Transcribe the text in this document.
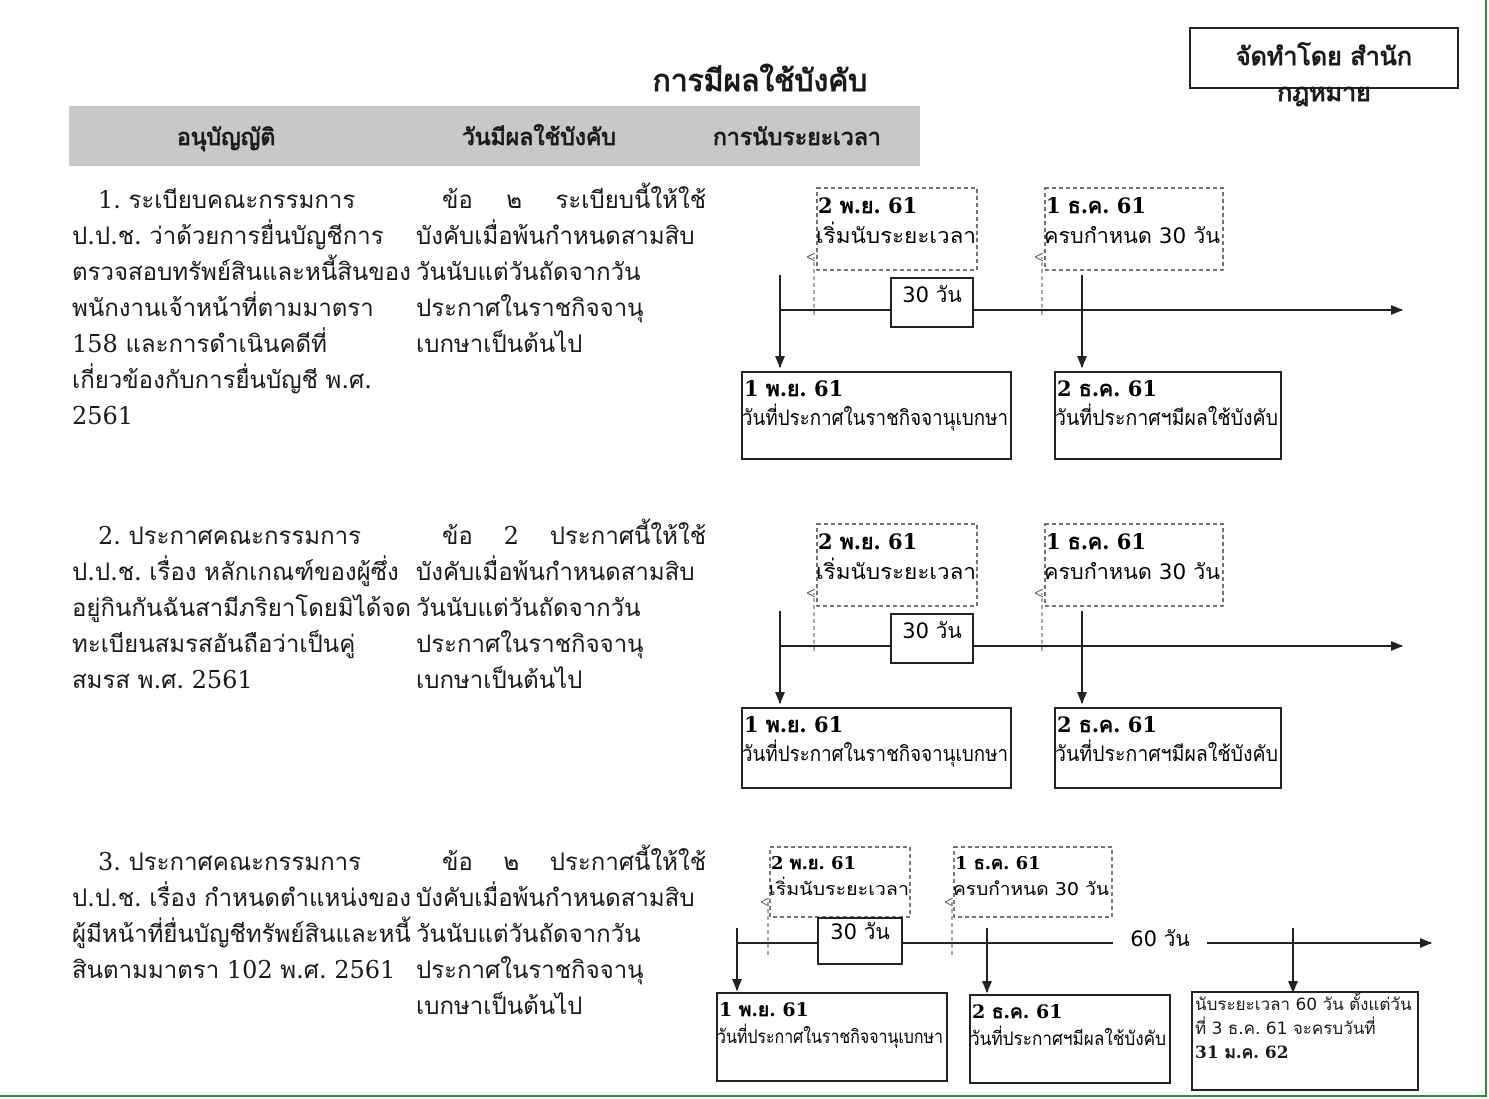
จัดทำโดย สำนักกฎหมาย
การมีผลใช้บังคับ
อนุบัญญัติ	วันมีผลใช้บังคับ	การนับระยะเวลา

1. ระเบียบคณะกรรมการ ป.ป.ช. ว่าด้วยการยื่นบัญชีการตรวจสอบทรัพย์สินและหนี้สินของพนักงานเจ้าหน้าที่ตามมาตรา 158 และการดำเนินคดีที่เกี่ยวข้องกับการยื่นบัญชี พ.ศ. 2561

ข้อ ๒ ระเบียบนี้ให้ใช้บังคับเมื่อพ้นกำหนดสามสิบวันนับแต่วันถัดจากวันประกาศในราชกิจจานุเบกษาเป็นต้นไป

2. ประกาศคณะกรรมการ ป.ป.ช. เรื่อง หลักเกณฑ์ของผู้ซึ่งอยู่กินกันฉันสามีภริยาโดยมิได้จดทะเบียนสมรสอันถือว่าเป็นคู่สมรส พ.ศ. 2561

ข้อ 2 ประกาศนี้ให้ใช้บังคับเมื่อพ้นกำหนดสามสิบวันนับแต่วันถัดจากวันประกาศในราชกิจจานุเบกษาเป็นต้นไป

3. ประกาศคณะกรรมการ ป.ป.ช. เรื่อง กำหนดตำแหน่งของผู้มีหน้าที่ยื่นบัญชีทรัพย์สินและหนี้สินตามมาตรา 102 พ.ศ. 2561

ข้อ ๒ ประกาศนี้ให้ใช้บังคับเมื่อพ้นกำหนดสามสิบวันนับแต่วันถัดจากวันประกาศในราชกิจจานุเบกษาเป็นต้นไป

2 พ.ย. 61
เริ่มนับระยะเวลา
1 ธ.ค. 61
ครบกำหนด 30 วัน
30 วัน
1 พ.ย. 61
วันที่ประกาศในราชกิจจานุเบกษา
2 ธ.ค. 61
วันที่ประกาศฯมีผลใช้บังคับ
2 พ.ย. 61
เริ่มนับระยะเวลา
1 ธ.ค. 61
ครบกำหนด 30 วัน
30 วัน
1 พ.ย. 61
วันที่ประกาศในราชกิจจานุเบกษา
2 ธ.ค. 61
วันที่ประกาศฯมีผลใช้บังคับ
60 วัน
2 พ.ย. 61
เริ่มนับระยะเวลา
1 ธ.ค. 61
ครบกำหนด 30 วัน
30 วัน
1 พ.ย. 61
วันที่ประกาศในราชกิจจานุเบกษา
2 ธ.ค. 61
วันที่ประกาศฯมีผลใช้บังคับ
นับระยะเวลา 60 วัน ตั้งแต่วันที่ 3 ธ.ค. 61 จะครบวันที่
31 ม.ค. 62
